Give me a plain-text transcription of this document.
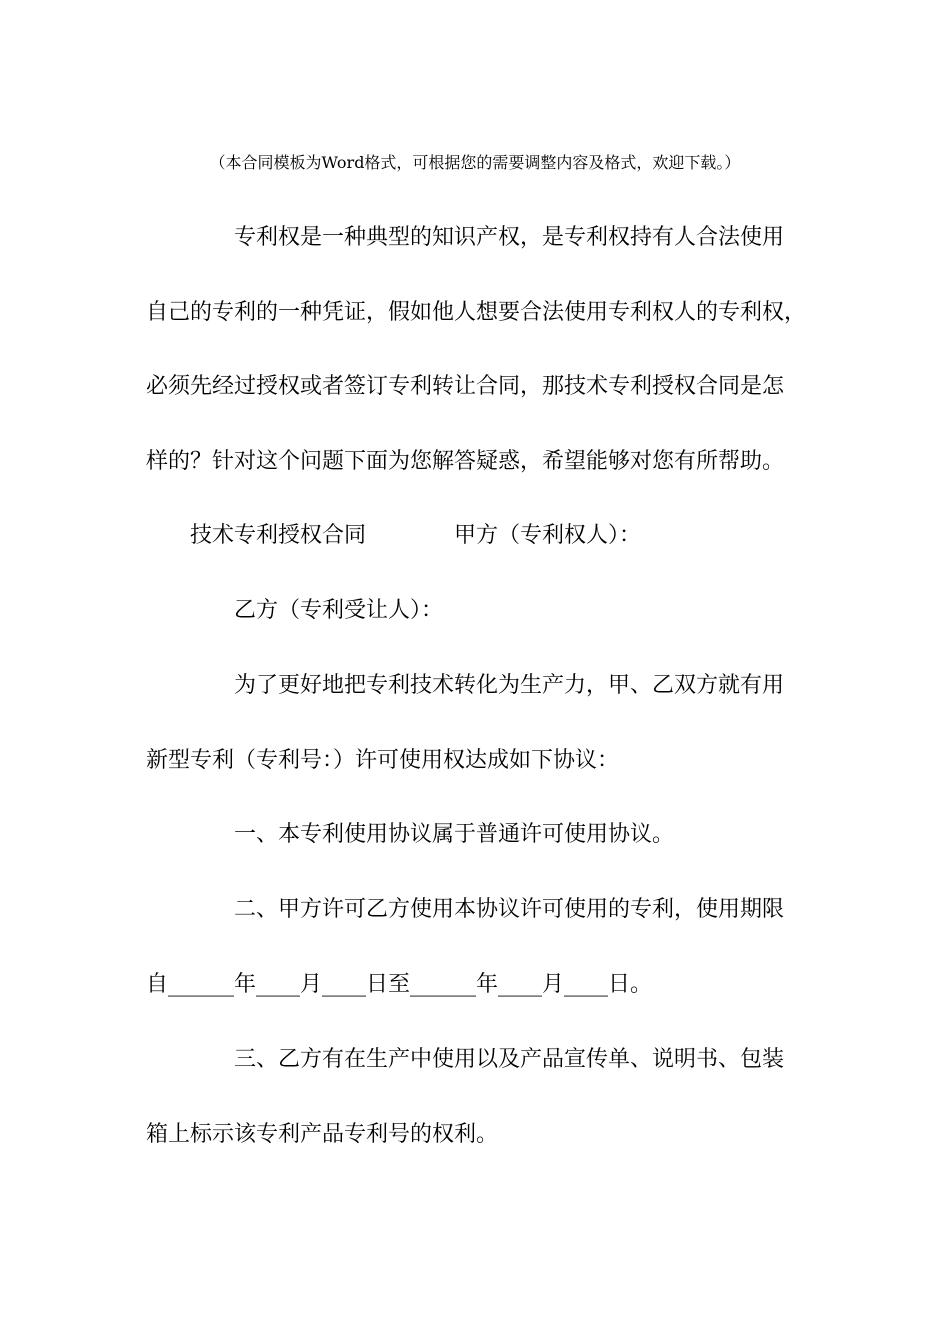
（本合同模板为Word格式，可根据您的需要调整内容及格式，欢迎下载。）
专利权是一种典型的知识产权，是专利权持有人合法使用
自己的专利的一种凭证，假如他人想要合法使用专利权人的专利权，
必须先经过授权或者签订专利转让合同，那技术专利授权合同是怎
样的？针对这个问题下面为您解答疑惑，希望能够对您有所帮助。
技术专利授权合同　　　　甲方（专利权人）：
乙方（专利受让人）：
为了更好地把专利技术转化为生产力，甲、乙双方就有用
新型专利（专利号：）许可使用权达成如下协议：
一、本专利使用协议属于普通许可使用协议。
二、甲方许可乙方使用本协议许可使用的专利，使用期限
自______年____月____日至______年____月____日。
三、乙方有在生产中使用以及产品宣传单、说明书、包装
箱上标示该专利产品专利号的权利。
